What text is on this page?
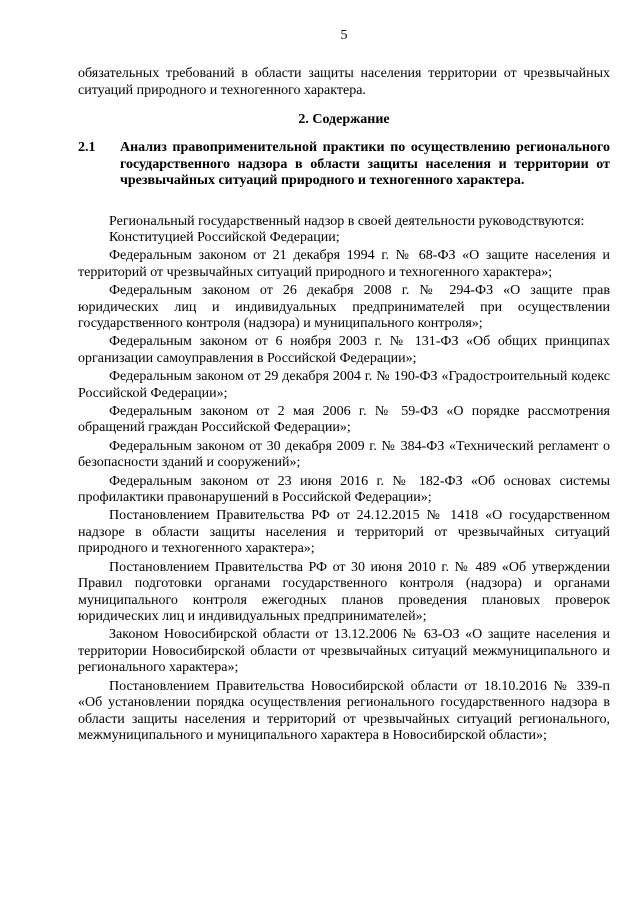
5

обязательных требований в области защиты населения территории от чрезвычайных ситуаций природного и техногенного характера.

2. Содержание
2.1	Анализ правоприменительной практики по осуществлению регионального государственного надзора в области защиты населения и территории от чрезвычайных ситуаций природного и техногенного характера.

Региональный государственный надзор в своей деятельности руководствуются:

Конституцией Российской Федерации;

Федеральным законом от 21 декабря 1994 г. № 68-ФЗ «О защите населения и территорий от чрезвычайных ситуаций природного и техногенного характера»;

Федеральным законом от 26 декабря 2008 г. № 294-ФЗ «О защите прав юридических лиц и индивидуальных предпринимателей при осуществлении государственного контроля (надзора) и муниципального контроля»;

Федеральным законом от 6 ноября 2003 г. № 131-ФЗ «Об общих принципах организации самоуправления в Российской Федерации»;

Федеральным законом от 29 декабря 2004 г. № 190-ФЗ «Градостроительный кодекс Российской Федерации»;

Федеральным законом от 2 мая 2006 г. № 59-ФЗ «О порядке рассмотрения обращений граждан Российской Федерации»;

Федеральным законом от 30 декабря 2009 г. № 384-ФЗ «Технический регламент о безопасности зданий и сооружений»;

Федеральным законом от 23 июня 2016 г. № 182-ФЗ «Об основах системы профилактики правонарушений в Российской Федерации»;

Постановлением Правительства РФ от 24.12.2015 № 1418 «О государственном надзоре в области защиты населения и территорий от чрезвычайных ситуаций природного и техногенного характера»;

Постановлением Правительства РФ от 30 июня 2010 г. № 489 «Об утверждении Правил подготовки органами государственного контроля (надзора) и органами муниципального контроля ежегодных планов проведения плановых проверок юридических лиц и индивидуальных предпринимателей»;

Законом Новосибирской области от 13.12.2006 № 63-ОЗ «О защите населения и территории Новосибирской области от чрезвычайных ситуаций межмуниципального и регионального характера»;

Постановлением Правительства Новосибирской области от 18.10.2016 № 339-п «Об установлении порядка осуществления регионального государственного надзора в области защиты населения и территорий от чрезвычайных ситуаций регионального, межмуниципального и муниципального характера в Новосибирской области»;
